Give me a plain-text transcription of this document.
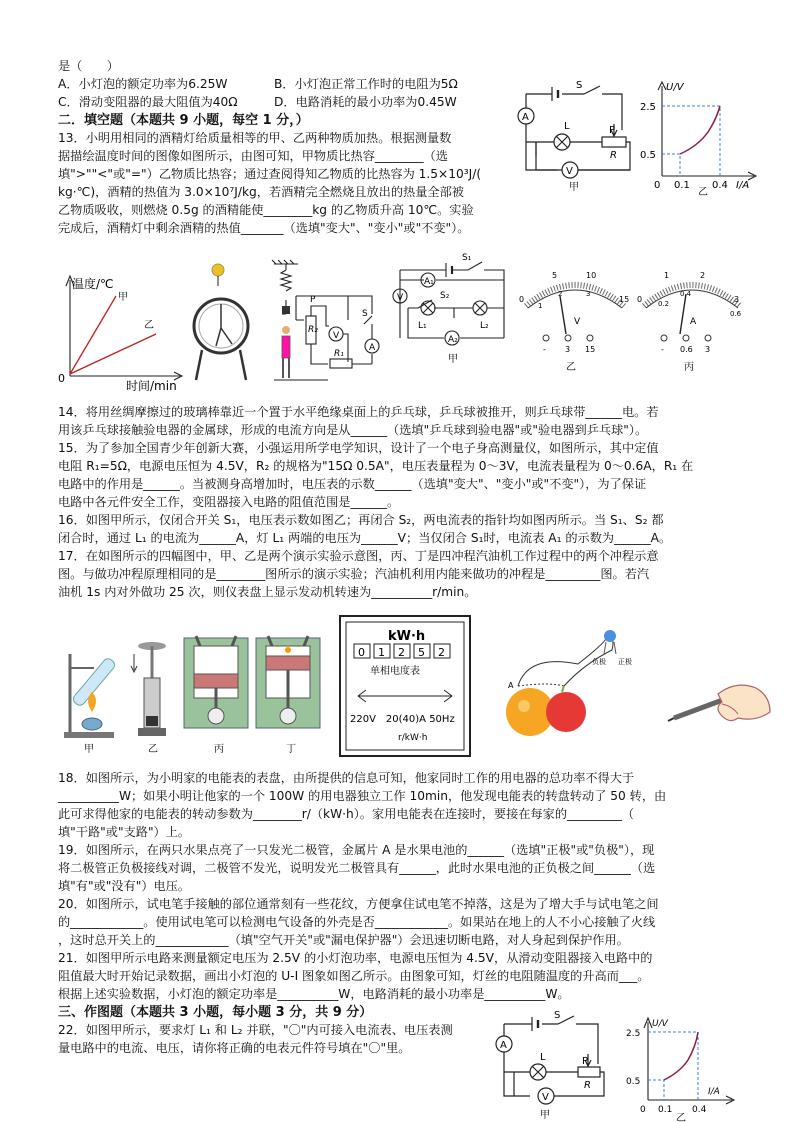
是（　　）
A．小灯泡的额定功率为6.25W	B．小灯泡正常工作时的电阻为5Ω
C．滑动变阻器的最大阻值为40Ω	D．电路消耗的最小功率为0.45W
二．填空题（本题共 9 小题，每空 1 分，）
13．小明用相同的酒精灯给质量相等的甲、乙两种物质加热。根据测量数
据描绘温度时间的图像如图所示，由图可知，甲物质比热容________（选
填">""<"或"="）乙物质比热容；通过查阅得知乙物质的比热容为 1.5×10³J/(
kg·℃)，酒精的热值为 3.0×10⁷J/kg，若酒精完全燃烧且放出的热量全部被
乙物质吸收，则燃烧 0.5g 的酒精能使________kg 的乙物质升高 10℃。实验
完成后，酒精灯中剩余酒精的热值_______（选填"变大"、"变小"或"不变"）。
A
V
L
S
P
R
甲
U/V
2.5
0.5
0 0.1 0.4 I/A
乙
温度/℃
甲
乙
0
时间/min
R₂
V
A
S
R₁
P	V
A₁
A₂
S₁
S₂
L₁	L₂
甲
0
5	10
15
1
2	3
V
- 3 15
乙
0
1	2
3
0.2
0.4
0.6
A
- 0.6 3
丙
14．将用丝绸摩擦过的玻璃棒靠近一个置于水平绝缘桌面上的乒乓球，乒乓球被推开，则乒乓球带______电。若
用该乒乓球接触验电器的金属球，形成的电流方向是从______（选填"乒乓球到验电器"或"验电器到乒乓球"）。
15．为了参加全国青少年创新大赛，小强运用所学电学知识，设计了一个电子身高测量仪，如图所示，其中定值
电阻 R₁=5Ω，电源电压恒为 4.5V，R₂ 的规格为"15Ω 0.5A"，电压表量程为 0～3V，电流表量程为 0～0.6A，R₁ 在
电路中的作用是______。当被测身高增加时，电压表的示数______（选填"变大"、"变小"或"不变"），为了保证
电路中各元件安全工作，变阻器接入电路的阻值范围是______。
16．如图甲所示，仅闭合开关 S₁，电压表示数如图乙；再闭合 S₂，两电流表的指针均如图丙所示。当 S₁、S₂ 都
闭合时，通过 L₁ 的电流为______A，灯 L₁ 两端的电压为______V；当仅闭合 S₁时，电流表 A₁ 的示数为______A。
17．在如图所示的四幅图中，甲、乙是两个演示实验示意图，丙、丁是四冲程汽油机工作过程中的两个冲程示意
图。与做功冲程原理相同的是________图所示的演示实验；汽油机利用内能来做功的冲程是_________图。若汽
油机 1s 内对外做功 25 次，则仪表盘上显示发动机转速为__________r/min。
甲	乙	丙	丁
kW·h
0 1 2 5 2
单相电度表
220V　20(40)A 50Hz
r/kW·h
负极 正极
A
18．如图所示，为小明家的电能表的表盘，由所提供的信息可知，他家同时工作的用电器的总功率不得大于
__________W；如果小明让他家的一个 100W 的用电器独立工作 10min，他发现电能表的转盘转动了 50 转，由
此可求得他家的电能表的转动参数为________r/（kW·h）。家用电能表在连接时，要接在每家的_________（
填"干路"或"支路"）上。
19．如图所示，在两只水果点亮了一只发光二极管，金属片 A 是水果电池的______（选填"正极"或"负极"），现
将二极管正负极接线对调，二极管不发光，说明发光二极管具有______，此时水果电池的正负极之间______（选
填"有"或"没有"）电压。
20．如图所示，试电笔手接触的部位通常刻有一些花纹，方便拿住试电笔不掉落，这是为了增大手与试电笔之间
的____________。使用试电笔可以检测电气设备的外壳是否____________。如果站在地上的人不小心接触了火线
，这时总开关上的____________（填"空气开关"或"漏电保护器"）会迅速切断电路，对人身起到保护作用。
21．如图甲所示电路来测量额定电压为 2.5V 的小灯泡功率，电源电压恒为 4.5V，从滑动变阻器接入电路中的
阻值最大时开始记录数据，画出小灯泡的 U-I 图象如图乙所示。由图象可知，灯丝的电阻随温度的升高而___。
根据上述实验数据，小灯泡的额定功率是__________W，电路消耗的最小功率是__________W。
三、作图题（本题共 3 小题，每小题 3 分，共 9 分）
22．如图甲所示，要求灯 L₁ 和 L₂ 并联，"〇"内可接入电流表、电压表测
量电路中的电流、电压，请你将正确的电表元件符号填在"〇"里。	A
V
L
S
P
R
甲
U/V
2.5
0.5
0 0.1 0.4
I/A
乙
